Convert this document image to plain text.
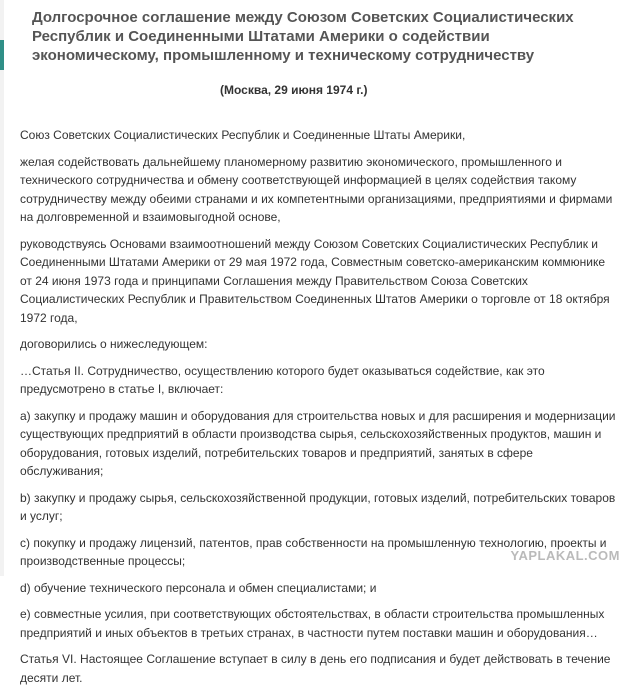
Долгосрочное соглашение между Союзом Советских Социалистических Республик и Соединенными Штатами Америки о содействии экономическому, промышленному и техническому сотрудничеству
(Москва, 29 июня 1974 г.)

Союз Советских Социалистических Республик и Соединенные Штаты Америки,

желая содействовать дальнейшему планомерному развитию экономического, промышленного и технического сотрудничества и обмену соответствующей информацией в целях содействия такому сотрудничеству между обеими странами и их компетентными организациями, предприятиями и фирмами на долговременной и взаимовыгодной основе,

руководствуясь Основами взаимоотношений между Союзом Советских Социалистических Республик и Соединенными Штатами Америки от 29 мая 1972 года, Совместным советско-американским коммюнике от 24 июня 1973 года и принципами Соглашения между Правительством Союза Советских Социалистических Республик и Правительством Соединенных Штатов Америки о торговле от 18 октября 1972 года,

договорились о нижеследующем:

…Статья II. Сотрудничество, осуществлению которого будет оказываться содействие, как это предусмотрено в статье I, включает:

а) закупку и продажу машин и оборудования для строительства новых и для расширения и модернизации существующих предприятий в области производства сырья, сельскохозяйственных продуктов, машин и оборудования, готовых изделий, потребительских товаров и предприятий, занятых в сфере обслуживания;

b) закупку и продажу сырья, сельскохозяйственной продукции, готовых изделий, потребительских товаров и услуг;

с) покупку и продажу лицензий, патентов, прав собственности на промышленную технологию, проекты и производственные процессы;

d) обучение технического персонала и обмен специалистами; и

е) совместные усилия, при соответствующих обстоятельствах, в области строительства промышленных предприятий и иных объектов в третьих странах, в частности путем поставки машин и оборудования…

Статья VI. Настоящее Соглашение вступает в силу в день его подписания и будет действовать в течение десяти лет.

YAPLAKAL.COM
